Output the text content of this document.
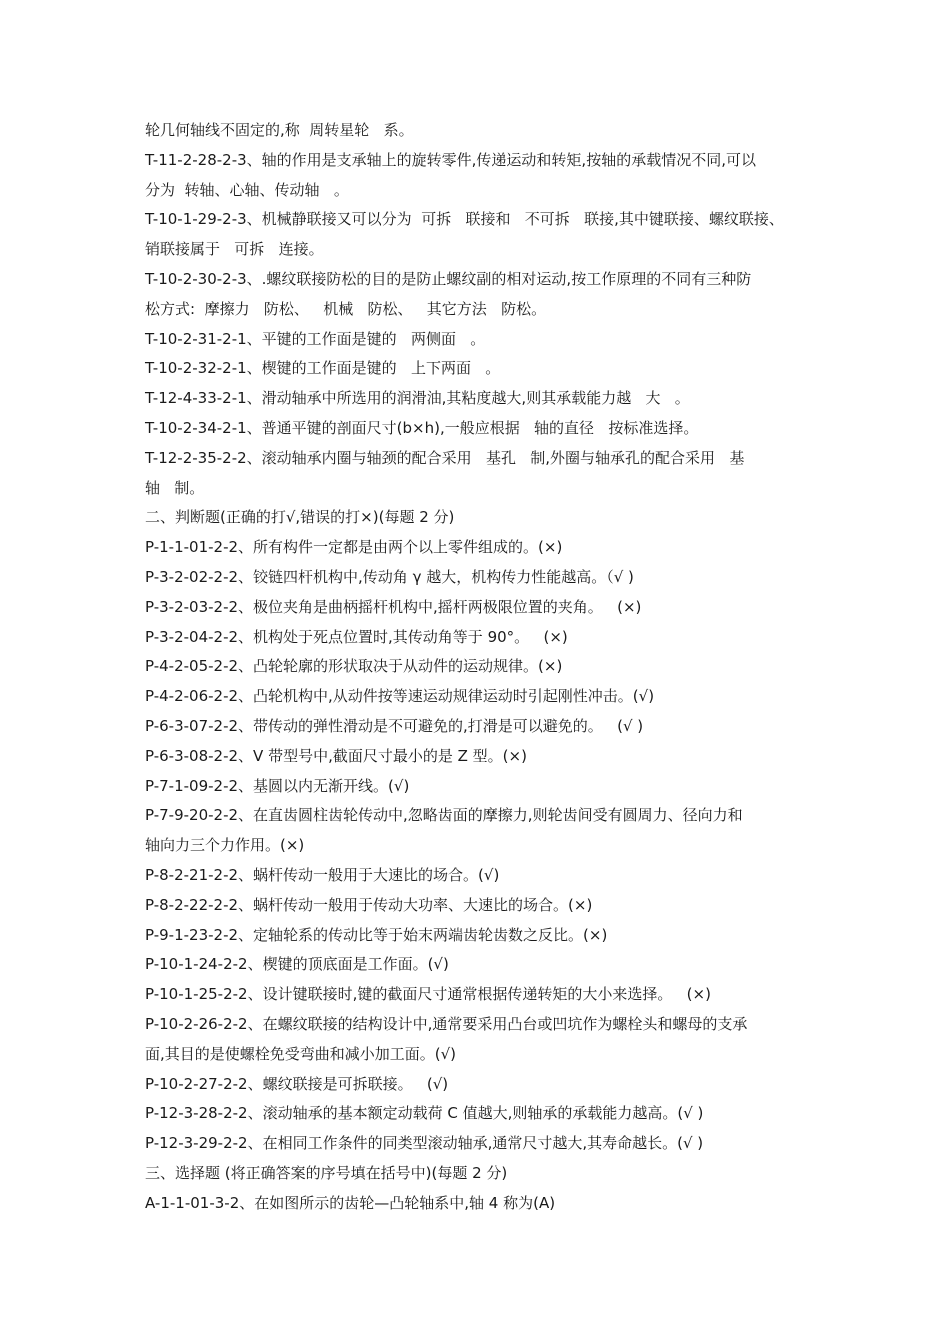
轮几何轴线不固定的,称  周转星轮   系。
T-11-2-28-2-3、轴的作用是支承轴上的旋转零件,传递运动和转矩,按轴的承载情况不同,可以
分为  转轴、心轴、传动轴   。
T-10-1-29-2-3、机械静联接又可以分为  可拆   联接和   不可拆   联接,其中键联接、螺纹联接、
销联接属于   可拆   连接。
T-10-2-30-2-3、.螺纹联接防松的目的是防止螺纹副的相对运动,按工作原理的不同有三种防
松方式:  摩擦力   防松、   机械   防松、   其它方法   防松。
T-10-2-31-2-1、平键的工作面是键的   两侧面   。
T-10-2-32-2-1、楔键的工作面是键的   上下两面   。
T-12-4-33-2-1、滑动轴承中所选用的润滑油,其粘度越大,则其承载能力越   大   。
T-10-2-34-2-1、普通平键的剖面尺寸(b×h),一般应根据   轴的直径   按标准选择。
T-12-2-35-2-2、滚动轴承内圈与轴颈的配合采用   基孔   制,外圈与轴承孔的配合采用   基
轴   制。
二、判断题(正确的打√,错误的打×)(每题 2 分)
P-1-1-01-2-2、所有构件一定都是由两个以上零件组成的。(×)
P-3-2-02-2-2、铰链四杆机构中,传动角 γ 越大，机构传力性能越高。（√ )
P-3-2-03-2-2、极位夹角是曲柄摇杆机构中,摇杆两极限位置的夹角。   (×)
P-3-2-04-2-2、机构处于死点位置时,其传动角等于 90°。   (×)
P-4-2-05-2-2、凸轮轮廓的形状取决于从动件的运动规律。(×)
P-4-2-06-2-2、凸轮机构中,从动件按等速运动规律运动时引起刚性冲击。(√)
P-6-3-07-2-2、带传动的弹性滑动是不可避免的,打滑是可以避免的。   (√ )
P-6-3-08-2-2、V 带型号中,截面尺寸最小的是 Z 型。(×)
P-7-1-09-2-2、基圆以内无渐开线。(√)
P-7-9-20-2-2、在直齿圆柱齿轮传动中,忽略齿面的摩擦力,则轮齿间受有圆周力、径向力和
轴向力三个力作用。(×)
P-8-2-21-2-2、蜗杆传动一般用于大速比的场合。(√)
P-8-2-22-2-2、蜗杆传动一般用于传动大功率、大速比的场合。(×)
P-9-1-23-2-2、定轴轮系的传动比等于始末两端齿轮齿数之反比。(×)
P-10-1-24-2-2、楔键的顶底面是工作面。(√)
P-10-1-25-2-2、设计键联接时,键的截面尺寸通常根据传递转矩的大小来选择。   (×)
P-10-2-26-2-2、在螺纹联接的结构设计中,通常要采用凸台或凹坑作为螺栓头和螺母的支承
面,其目的是使螺栓免受弯曲和减小加工面。(√)
P-10-2-27-2-2、螺纹联接是可拆联接。   (√)
P-12-3-28-2-2、滚动轴承的基本额定动载荷 C 值越大,则轴承的承载能力越高。(√ )
P-12-3-29-2-2、在相同工作条件的同类型滚动轴承,通常尺寸越大,其寿命越长。(√ )
三、选择题 (将正确答案的序号填在括号中)(每题 2 分)
A-1-1-01-3-2、在如图所示的齿轮—凸轮轴系中,轴 4 称为(A)
